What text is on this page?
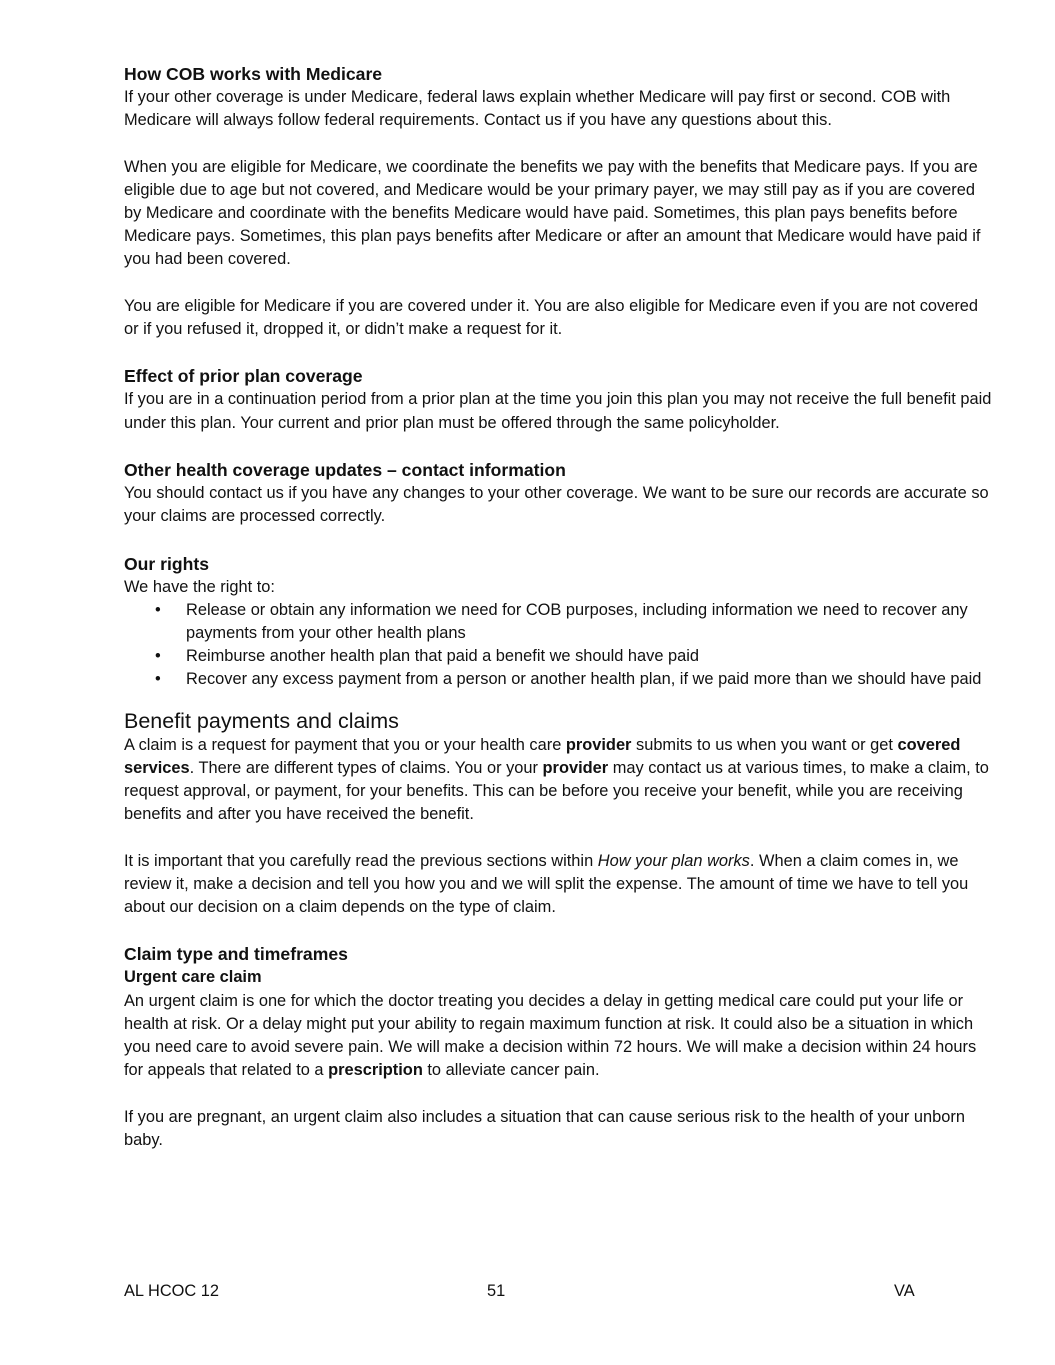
How COB works with Medicare

If your other coverage is under Medicare, federal laws explain whether Medicare will pay first or second. COB with Medicare will always follow federal requirements. Contact us if you have any questions about this.

When you are eligible for Medicare, we coordinate the benefits we pay with the benefits that Medicare pays. If you are eligible due to age but not covered, and Medicare would be your primary payer, we may still pay as if you are covered by Medicare and coordinate with the benefits Medicare would have paid. Sometimes, this plan pays benefits before Medicare pays. Sometimes, this plan pays benefits after Medicare or after an amount that Medicare would have paid if you had been covered.

You are eligible for Medicare if you are covered under it. You are also eligible for Medicare even if you are not covered or if you refused it, dropped it, or didn’t make a request for it.

Effect of prior plan coverage

If you are in a continuation period from a prior plan at the time you join this plan you may not receive the full benefit paid under this plan. Your current and prior plan must be offered through the same policyholder.

Other health coverage updates – contact information

You should contact us if you have any changes to your other coverage. We want to be sure our records are accurate so your claims are processed correctly.

Our rights

We have the right to:

• Release or obtain any information we need for COB purposes, including information we need to recover any payments from your other health plans
• Reimburse another health plan that paid a benefit we should have paid
• Recover any excess payment from a person or another health plan, if we paid more than we should have paid
Benefit payments and claims

A claim is a request for payment that you or your health care provider submits to us when you want or get covered services. There are different types of claims. You or your provider may contact us at various times, to make a claim, to request approval, or payment, for your benefits. This can be before you receive your benefit, while you are receiving benefits and after you have received the benefit.

It is important that you carefully read the previous sections within How your plan works. When a claim comes in, we review it, make a decision and tell you how you and we will split the expense. The amount of time we have to tell you about our decision on a claim depends on the type of claim.

Claim type and timeframes
Urgent care claim

An urgent claim is one for which the doctor treating you decides a delay in getting medical care could put your life or health at risk. Or a delay might put your ability to regain maximum function at risk. It could also be a situation in which you need care to avoid severe pain. We will make a decision within 72 hours. We will make a decision within 24 hours for appeals that related to a prescription to alleviate cancer pain.

If you are pregnant, an urgent claim also includes a situation that can cause serious risk to the health of your unborn baby.

AL HCOC 12	51	VA
